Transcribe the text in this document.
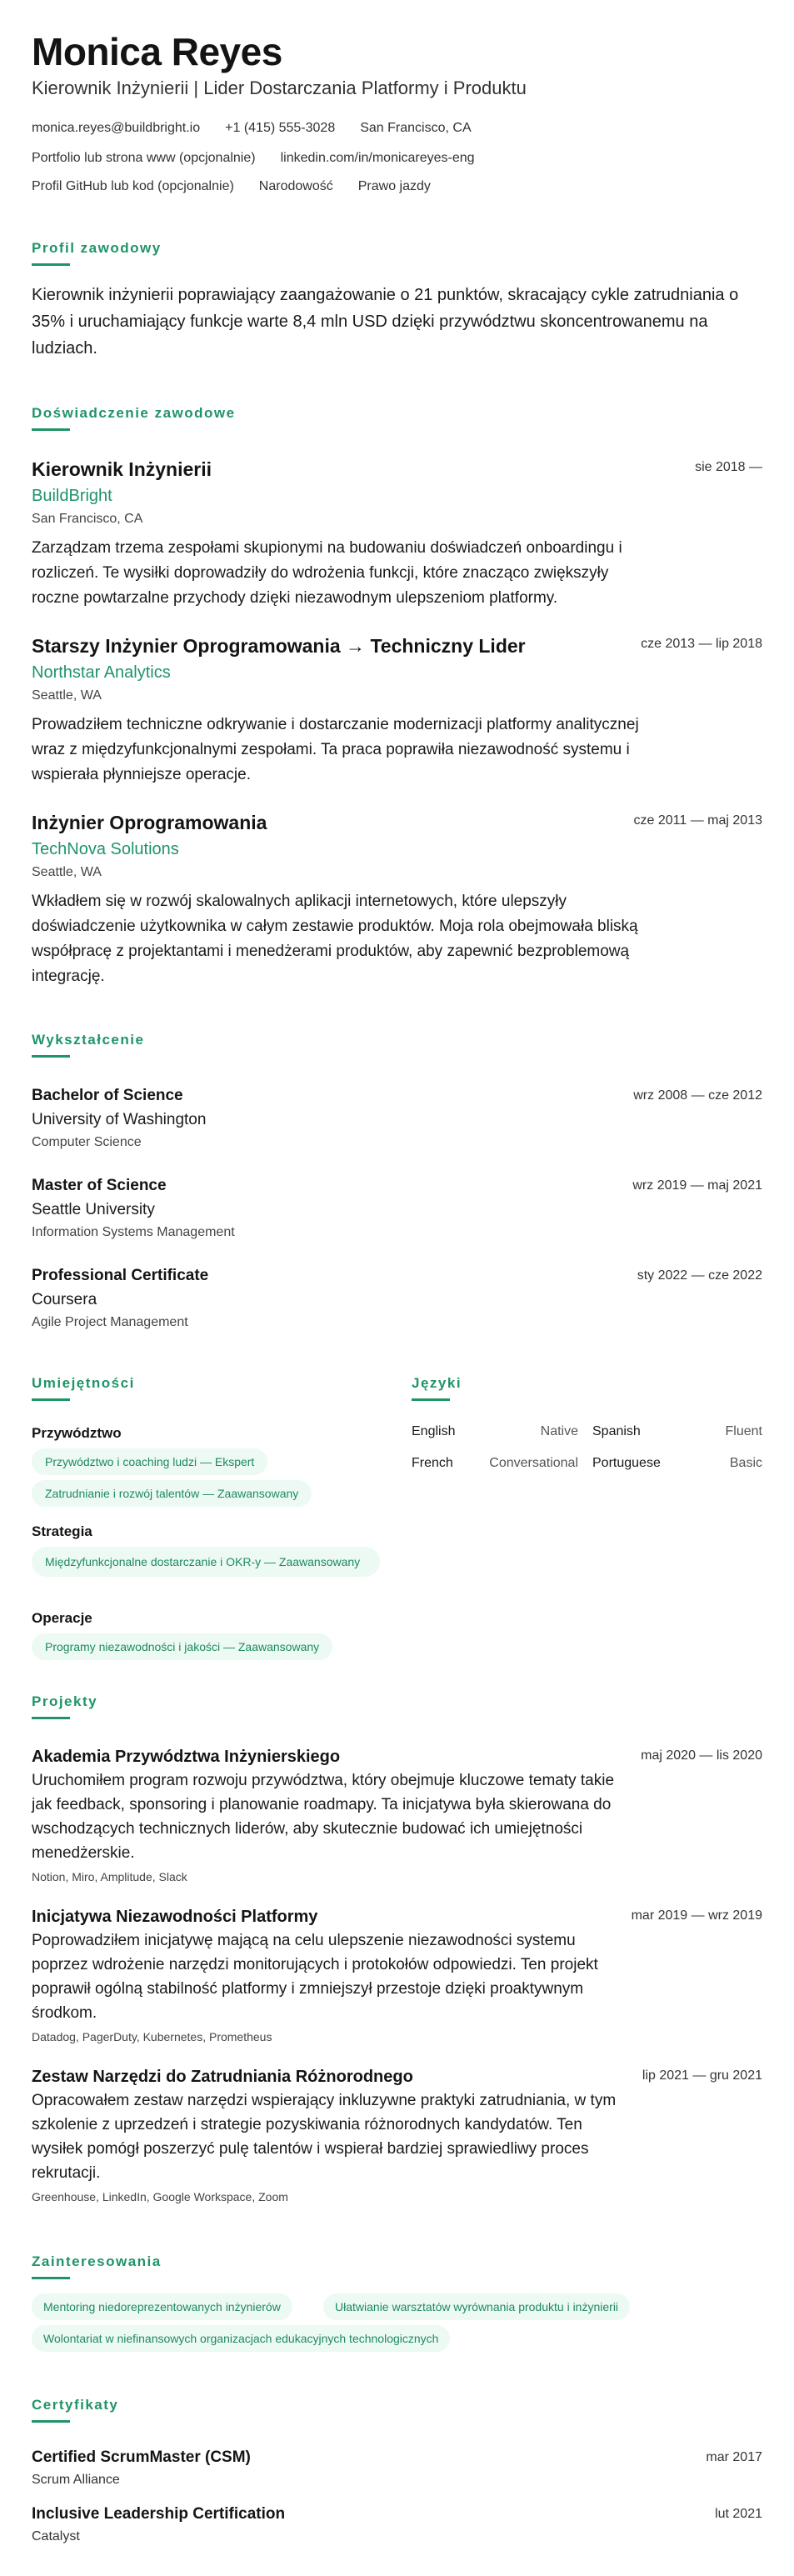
Monica Reyes
Kierownik Inżynierii | Lider Dostarczania Platformy i Produktu
monica.reyes@buildbright.io +1 (415) 555-3028 San Francisco, CA
Portfolio lub strona www (opcjonalnie) linkedin.com/in/monicareyes-eng
Profil GitHub lub kod (opcjonalnie) Narodowość Prawo jazdy
Profil zawodowy
Kierownik inżynierii poprawiający zaangażowanie o 21 punktów, skracający cykle zatrudniania o 35% i uruchamiający funkcje warte 8,4 mln USD dzięki przywództwu skoncentrowanemu na ludziach.
Doświadczenie zawodowe
Kierownik Inżynierii	sie 2018 —
BuildBright
San Francisco, CA
Zarządzam trzema zespołami skupionymi na budowaniu doświadczeń onboardingu i rozliczeń. Te wysiłki doprowadziły do wdrożenia funkcji, które znacząco zwiększyły roczne powtarzalne przychody dzięki niezawodnym ulepszeniom platformy.
Starszy Inżynier Oprogramowania → Techniczny Lider	cze 2013 — lip 2018
Northstar Analytics
Seattle, WA
Prowadziłem techniczne odkrywanie i dostarczanie modernizacji platformy analitycznej wraz z międzyfunkcjonalnymi zespołami. Ta praca poprawiła niezawodność systemu i wspierała płynniejsze operacje.
Inżynier Oprogramowania	cze 2011 — maj 2013
TechNova Solutions
Seattle, WA
Wkładłem się w rozwój skalowalnych aplikacji internetowych, które ulepszyły doświadczenie użytkownika w całym zestawie produktów. Moja rola obejmowała bliską współpracę z projektantami i menedżerami produktów, aby zapewnić bezproblemową integrację.
Wykształcenie
Bachelor of Science	wrz 2008 — cze 2012
University of Washington
Computer Science
Master of Science	wrz 2019 — maj 2021
Seattle University
Information Systems Management
Professional Certificate	sty 2022 — cze 2022
Coursera
Agile Project Management
Umiejętności
Przywództwo
Przywództwo i coaching ludzi — Ekspert
Zatrudnianie i rozwój talentów — Zaawansowany
Strategia
Międzyfunkcjonalne dostarczanie i OKR-y — Zaawansowany
Operacje
Programy niezawodności i jakości — Zaawansowany
Języki
English	Native Spanish	Fluent
French	Conversational Portuguese	Basic
Projekty
Akademia Przywództwa Inżynierskiego	maj 2020 — lis 2020
Uruchomiłem program rozwoju przywództwa, który obejmuje kluczowe tematy takie jak feedback, sponsoring i planowanie roadmapy. Ta inicjatywa była skierowana do wschodzących technicznych liderów, aby skutecznie budować ich umiejętności menedżerskie.
Notion, Miro, Amplitude, Slack
Inicjatywa Niezawodności Platformy	mar 2019 — wrz 2019
Poprowadziłem inicjatywę mającą na celu ulepszenie niezawodności systemu poprzez wdrożenie narzędzi monitorujących i protokołów odpowiedzi. Ten projekt poprawił ogólną stabilność platformy i zmniejszył przestoje dzięki proaktywnym środkom.
Datadog, PagerDuty, Kubernetes, Prometheus
Zestaw Narzędzi do Zatrudniania Różnorodnego	lip 2021 — gru 2021
Opracowałem zestaw narzędzi wspierający inkluzywne praktyki zatrudniania, w tym szkolenie z uprzedzeń i strategie pozyskiwania różnorodnych kandydatów. Ten wysiłek pomógł poszerzyć pulę talentów i wspierał bardziej sprawiedliwy proces rekrutacji.
Greenhouse, LinkedIn, Google Workspace, Zoom
Zainteresowania
Mentoring niedoreprezentowanych inżynierów	Ułatwianie warsztatów wyrównania produktu i inżynierii
Wolontariat w niefinansowych organizacjach edukacyjnych technologicznych
Certyfikaty
Certified ScrumMaster (CSM)	mar 2017
Scrum Alliance
Inclusive Leadership Certification	lut 2021
Catalyst
